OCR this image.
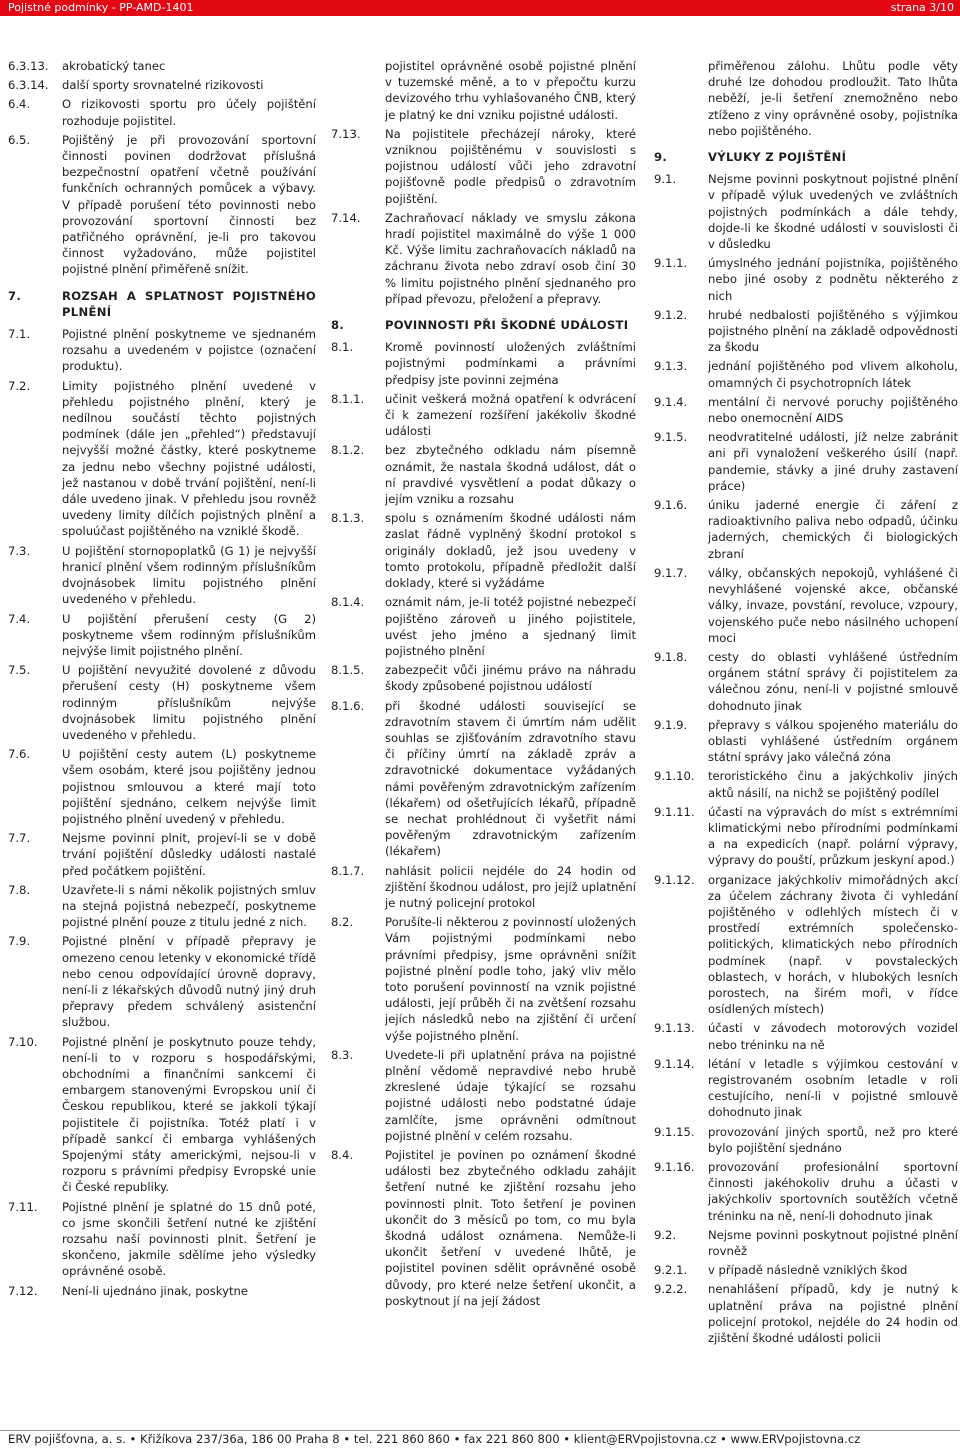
Pojistné podmínky - PP-AMD-1401	strana 3/10
6.3.13.	akrobatický tanec
6.3.14.	další sporty srovnatelné rizikovosti
6.4.	O rizikovosti sportu pro účely pojištění rozhoduje pojistitel.
6.5.	Pojištěný je při provozování sportovní činnosti povinen dodržovat příslušná bezpečnostní opatření včetně používání funkčních ochranných pomůcek a výbavy. V případě porušení této povinnosti nebo provozování sportovní činnosti bez patřičného oprávnění, je-li pro takovou činnost vyžadováno, může pojistitel pojistné plnění přiměřeně snížit.
7.	ROZSAH A SPLATNOST POJISTNÉHO PLNĚNÍ
7.1.	Pojistné plnění poskytneme ve sjednaném rozsahu a uvedeném v pojistce (označení produktu).
7.2.	Limity pojistného plnění uvedené v přehledu pojistného plnění, který je nedílnou součástí těchto pojistných podmínek (dále jen „přehled“) představují nejvyšší možné částky, které poskytneme za jednu nebo všechny pojistné události, jež nastanou v době trvání pojištění, není-li dále uvedeno jinak. V přehledu jsou rovněž uvedeny limity dílčích pojistných plnění a spoluúčast pojištěného na vzniklé škodě.
7.3.	U pojištění stornopoplatků (G 1) je nejvyšší hranicí plnění všem rodinným příslušníkům dvojnásobek limitu pojistného plnění uvedeného v přehledu.
7.4.	U pojištění přerušení cesty (G 2) poskytneme všem rodinným příslušníkům nejvýše limit pojistného plnění.
7.5.	U pojištění nevyužité dovolené z důvodu přerušení cesty (H) poskytneme všem rodinným příslušníkům nejvýše dvojnásobek limitu pojistného plnění uvedeného v přehledu.
7.6.	U pojištění cesty autem (L) poskytneme všem osobám, které jsou pojištěny jednou pojistnou smlouvou a které mají toto pojištění sjednáno, celkem nejvýše limit pojistného plnění uvedený v přehledu.
7.7.	Nejsme povinni plnit, projeví-li se v době trvání pojištění důsledky události nastalé před počátkem pojištění.
7.8.	Uzavřete-li s námi několik pojistných smluv na stejná pojistná nebezpečí, poskytneme pojistné plnění pouze z titulu jedné z nich.
7.9.	Pojistné plnění v případě přepravy je omezeno cenou letenky v ekonomické třídě nebo cenou odpovídající úrovně dopravy, není-li z lékařských důvodů nutný jiný druh přepravy předem schválený asistenční službou.
7.10.	Pojistné plnění je poskytnuto pouze tehdy, není-li to v rozporu s hospodářskými, obchodními a finančními sankcemi či embargem stanovenými Evropskou unií či Českou republikou, které se jakkoli týkají pojistitele či pojistníka. Totéž platí i v případě sankcí či embarga vyhlášených Spojenými státy americkými, nejsou-li v rozporu s právními předpisy Evropské unie či České republiky.
7.11.	Pojistné plnění je splatné do 15 dnů poté, co jsme skončili šetření nutné ke zjištění rozsahu naší povinnosti plnit. Šetření je skončeno, jakmile sdělíme jeho výsledky oprávněné osobě.
7.12.	Není-li ujednáno jinak, poskytne
pojistitel oprávněné osobě pojistné plnění v tuzemské měně, a to v přepočtu kurzu devizového trhu vyhlašovaného ČNB, který je platný ke dni vzniku pojistné události.
7.13.	Na pojistitele přecházejí nároky, které vzniknou pojištěnému v souvislosti s pojistnou událostí vůči jeho zdravotní pojišťovně podle předpisů o zdravotním pojištění.
7.14.	Zachraňovací náklady ve smyslu zákona hradí pojistitel maximálně do výše 1 000 Kč. Výše limitu zachraňovacích nákladů na záchranu života nebo zdraví osob činí 30 % limitu pojistného plnění sjednaného pro případ převozu, přeložení a přepravy.
8.	POVINNOSTI PŘI ŠKODNÉ UDÁLOSTI
8.1.	Kromě povinností uložených zvláštními pojistnými podmínkami a právními předpisy jste povinni zejména
8.1.1.	učinit veškerá možná opatření k odvrácení či k zamezení rozšíření jakékoliv škodné události
8.1.2.	bez zbytečného odkladu nám písemně oznámit, že nastala škodná událost, dát o ní pravdivé vysvětlení a podat důkazy o jejím vzniku a rozsahu
8.1.3.	spolu s oznámením škodné události nám zaslat řádně vyplněný škodní protokol s originály dokladů, jež jsou uvedeny v tomto protokolu, případně předložit další doklady, které si vyžádáme
8.1.4.	oznámit nám, je-li totéž pojistné nebezpečí pojištěno zároveň u jiného pojistitele, uvést jeho jméno a sjednaný limit pojistného plnění
8.1.5.	zabezpečit vůči jinému právo na náhradu škody způsobené pojistnou událostí
8.1.6.	při škodné události související se zdravotním stavem či úmrtím nám udělit souhlas se zjišťováním zdravotního stavu či příčiny úmrtí na základě zpráv a zdravotnické dokumentace vyžádaných námi pověřeným zdravotnickým zařízením (lékařem) od ošetřujících lékařů, případně se nechat prohlédnout či vyšetřit námi pověřeným zdravotnickým zařízením (lékařem)
8.1.7.	nahlásit policii nejdéle do 24 hodin od zjištění škodnou událost, pro jejíž uplatnění je nutný policejní protokol
8.2.	Porušíte-li některou z povinností uložených Vám pojistnými podmínkami nebo právními předpisy, jsme oprávněni snížit pojistné plnění podle toho, jaký vliv mělo toto porušení povinností na vznik pojistné události, její průběh či na zvětšení rozsahu jejích následků nebo na zjištění či určení výše pojistného plnění.
8.3.	Uvedete-li při uplatnění práva na pojistné plnění vědomě nepravdivé nebo hrubě zkreslené údaje týkající se rozsahu pojistné události nebo podstatné údaje zamlčíte, jsme oprávněni odmítnout pojistné plnění v celém rozsahu.
8.4.	Pojistitel je povinen po oznámení škodné události bez zbytečného odkladu zahájit šetření nutné ke zjištění rozsahu jeho povinnosti plnit. Toto šetření je povinen ukončit do 3 měsíců po tom, co mu byla škodná událost oznámena. Nemůže-li ukončit šetření v uvedené lhůtě, je pojistitel povinen sdělit oprávněné osobě důvody, pro které nelze šetření ukončit, a poskytnout jí na její žádost
přiměřenou zálohu. Lhůtu podle věty druhé lze dohodou prodloužit. Tato lhůta neběží, je-li šetření znemožněno nebo ztíženo z viny oprávněné osoby, pojistníka nebo pojištěného.
9.	VÝLUKY Z POJIŠTĚNÍ
9.1.	Nejsme povinni poskytnout pojistné plnění v případě výluk uvedených ve zvláštních pojistných podmínkách a dále tehdy, dojde-li ke škodné události v souvislosti či v důsledku
9.1.1.	úmyslného jednání pojistníka, pojištěného nebo jiné osoby z podnětu některého z nich
9.1.2.	hrubé nedbalosti pojištěného s výjimkou pojistného plnění na základě odpovědnosti za škodu
9.1.3.	jednání pojištěného pod vlivem alkoholu, omamných či psychotropních látek
9.1.4.	mentální či nervové poruchy pojištěného nebo onemocnění AIDS
9.1.5.	neodvratitelné události, jíž nelze zabránit ani při vynaložení veškerého úsilí (např. pandemie, stávky a jiné druhy zastavení práce)
9.1.6.	úniku jaderné energie či záření z radioaktivního paliva nebo odpadů, účinku jaderných, chemických či biologických zbraní
9.1.7.	války, občanských nepokojů, vyhlášené či nevyhlášené vojenské akce, občanské války, invaze, povstání, revoluce, vzpoury, vojenského puče nebo násilného uchopení moci
9.1.8.	cesty do oblasti vyhlášené ústředním orgánem státní správy či pojistitelem za válečnou zónu, není-li v pojistné smlouvě dohodnuto jinak
9.1.9.	přepravy s válkou spojeného materiálu do oblasti vyhlášené ústředním orgánem státní správy jako válečná zóna
9.1.10.	teroristického činu a jakýchkoliv jiných aktů násilí, na nichž se pojištěný podílel
9.1.11.	účasti na výpravách do míst s extrémními klimatickými nebo přírodními podmínkami a na expedicích (např. polární výpravy, výpravy do pouští, průzkum jeskyní apod.)
9.1.12.	organizace jakýchkoliv mimořádných akcí za účelem záchrany života či vyhledání pojištěného v odlehlých místech či v prostředí extrémních společensko-politických, klimatických nebo přírodních podmínek (např. v povstaleckých oblastech, v horách, v hlubokých lesních porostech, na širém moři, v řídce osídlených místech)
9.1.13.	účasti v závodech motorových vozidel nebo tréninku na ně
9.1.14.	létání v letadle s výjimkou cestování v registrovaném osobním letadle v roli cestujícího, není-li v pojistné smlouvě dohodnuto jinak
9.1.15.	provozování jiných sportů, než pro které bylo pojištění sjednáno
9.1.16.	provozování profesionální sportovní činnosti jakéhokoliv druhu a účasti v jakýchkoliv sportovních soutěžích včetně tréninku na ně, není-li dohodnuto jinak
9.2.	Nejsme povinni poskytnout pojistné plnění rovněž
9.2.1.	v případě následně vzniklých škod
9.2.2.	nenahlášení případů, kdy je nutný k uplatnění práva na pojistné plnění policejní protokol, nejdéle do 24 hodin od zjištění škodné události policii
ERV pojišťovna, a. s. • Křižíkova 237/36a, 186 00 Praha 8 • tel. 221 860 860 • fax 221 860 800 • klient@ERVpojistovna.cz • www.ERVpojistovna.cz
